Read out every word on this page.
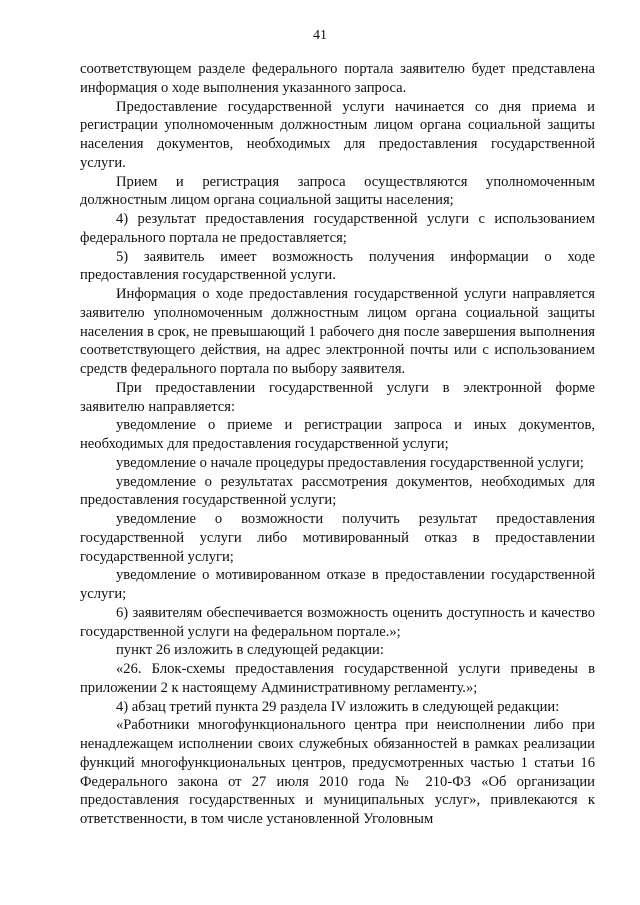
41

соответствующем разделе федерального портала заявителю будет представлена информация о ходе выполнения указанного запроса.

Предоставление государственной услуги начинается со дня приема и регистрации уполномоченным должностным лицом органа социальной защиты населения документов, необходимых для предоставления государственной услуги.

Прием и регистрация запроса осуществляются уполномоченным должностным лицом органа социальной защиты населения;

4) результат предоставления государственной услуги с использованием федерального портала не предоставляется;

5) заявитель имеет возможность получения информации о ходе предоставления государственной услуги.

Информация о ходе предоставления государственной услуги направляется заявителю уполномоченным должностным лицом органа социальной защиты населения в срок, не превышающий 1 рабочего дня после завершения выполнения соответствующего действия, на адрес электронной почты или с использованием средств федерального портала по выбору заявителя.

При предоставлении государственной услуги в электронной форме заявителю направляется:

уведомление о приеме и регистрации запроса и иных документов, необходимых для предоставления государственной услуги;

уведомление о начале процедуры предоставления государственной услуги;

уведомление о результатах рассмотрения документов, необходимых для предоставления государственной услуги;

уведомление о возможности получить результат предоставления государственной услуги либо мотивированный отказ в предоставлении государственной услуги;

уведомление о мотивированном отказе в предоставлении государственной услуги;

6) заявителям обеспечивается возможность оценить доступность и качество государственной услуги на федеральном портале.»;

пункт 26 изложить в следующей редакции:

«26. Блок-схемы предоставления государственной услуги приведены в приложении 2 к настоящему Административному регламенту.»;

4) абзац третий пункта 29 раздела IV изложить в следующей редакции:

«Работники многофункционального центра при неисполнении либо при ненадлежащем исполнении своих служебных обязанностей в рамках реализации функций многофункциональных центров, предусмотренных частью 1 статьи 16 Федерального закона от 27 июля 2010 года № 210-ФЗ «Об организации предоставления государственных и муниципальных услуг», привлекаются к ответственности, в том числе установленной Уголовным
